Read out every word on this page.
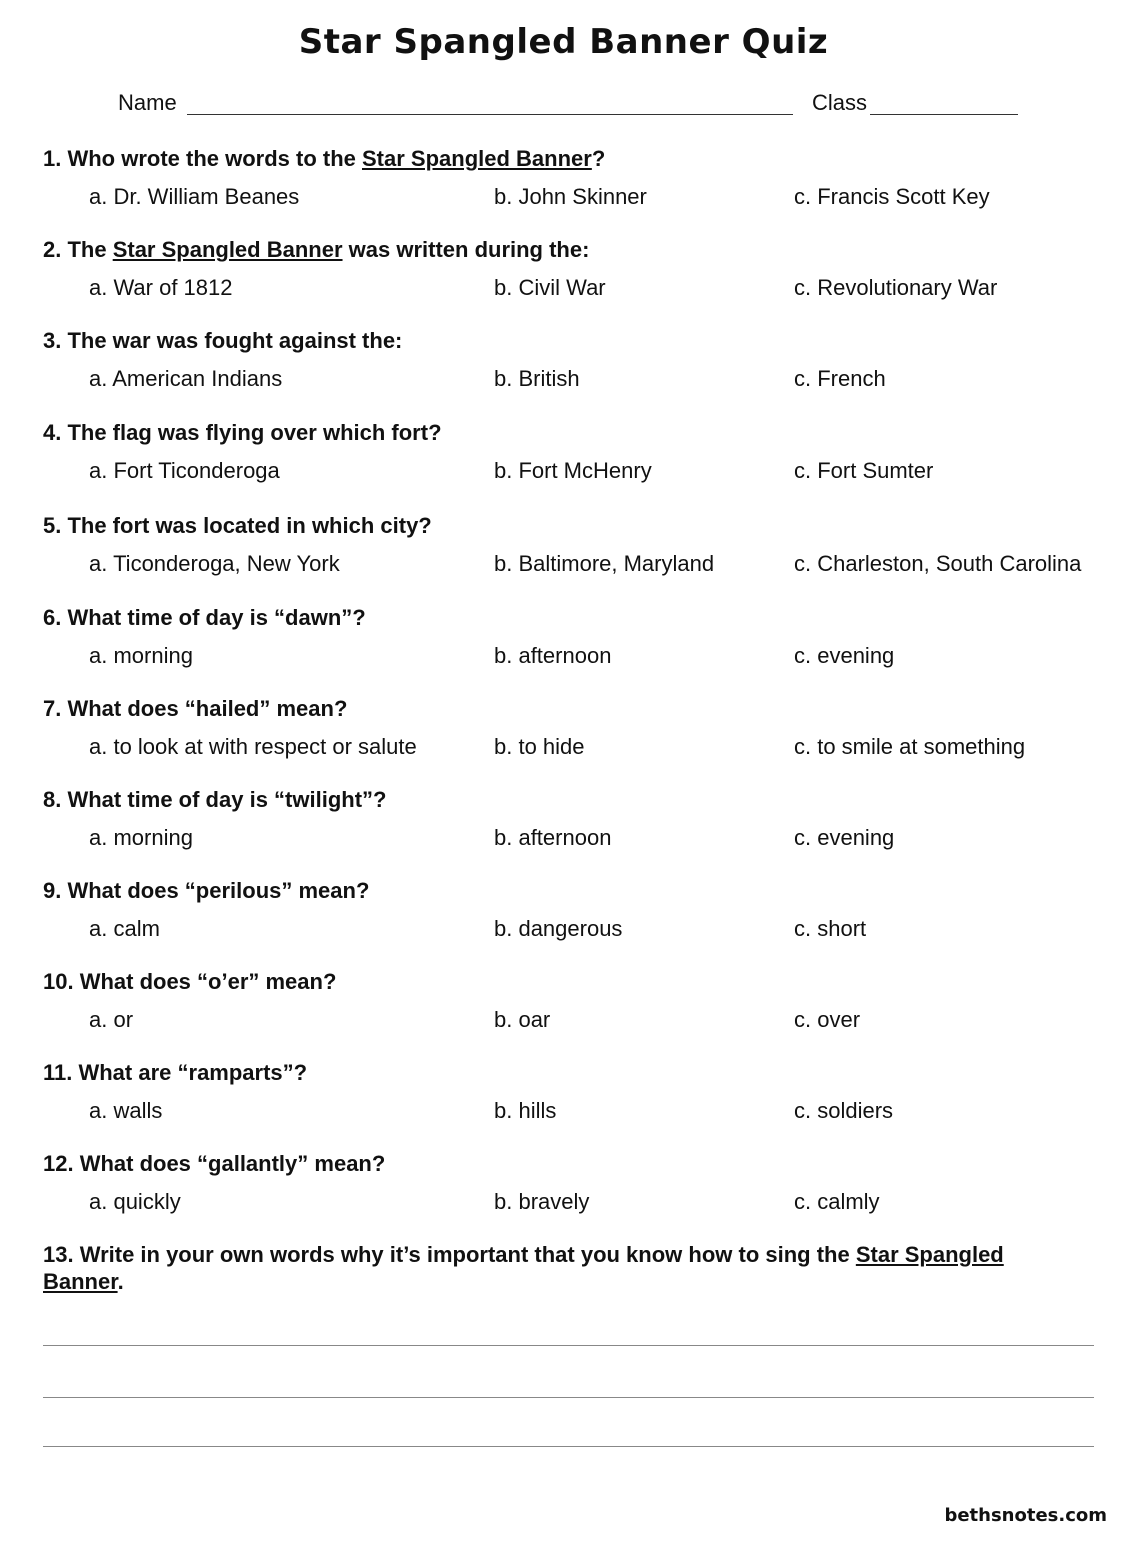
Star Spangled Banner Quiz
Name	Class
1. Who wrote the words to the Star Spangled Banner?
a. Dr. William Beanes	b. John Skinner	c. Francis Scott Key
2. The Star Spangled Banner was written during the:
a. War of 1812	b. Civil War	c. Revolutionary War
3. The war was fought against the:
a. American Indians	b. British	c. French
4. The flag was flying over which fort?
a. Fort Ticonderoga	b. Fort McHenry	c. Fort Sumter
5. The fort was located in which city?
a. Ticonderoga, New York	b. Baltimore, Maryland	c. Charleston, South Carolina
6. What time of day is “dawn”?
a. morning	b. afternoon	c. evening
7. What does “hailed” mean?
a. to look at with respect or salute	b. to hide	c. to smile at something
8. What time of day is “twilight”?
a. morning	b. afternoon	c. evening
9. What does “perilous” mean?
a. calm	b. dangerous	c. short
10. What does “o’er” mean?
a. or	b. oar	c. over
11. What are “ramparts”?
a. walls	b. hills	c. soldiers
12. What does “gallantly” mean?
a. quickly	b. bravely	c. calmly
13. Write in your own words why it’s important that you know how to sing the Star Spangled Banner.
bethsnotes.com
